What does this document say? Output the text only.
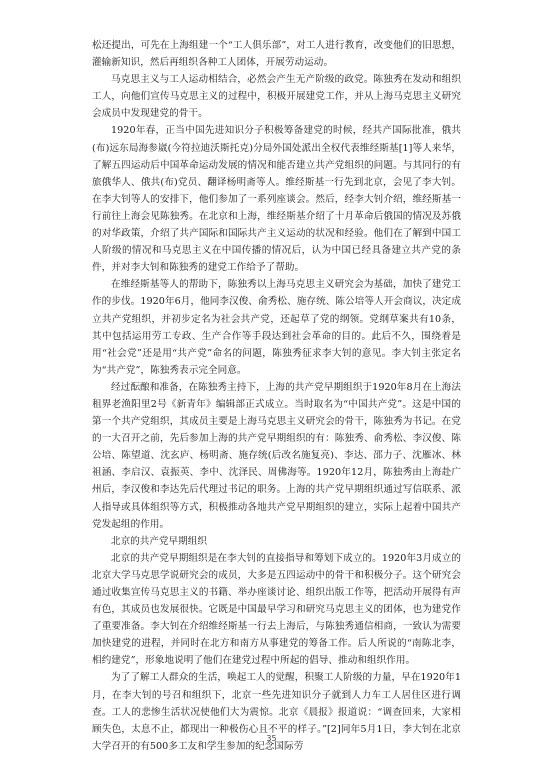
松还提出，可先在上海组建一个“工人俱乐部”，对工人进行教育，改变他们的旧思想，灌输新知识，然后再组织各种工人团体，开展劳动运动。

马克思主义与工人运动相结合，必然会产生无产阶级的政党。陈独秀在发动和组织工人，向他们宣传马克思主义的过程中，积极开展建党工作，并从上海马克思主义研究会成员中发现建党的骨干。

1920年春，正当中国先进知识分子积极筹备建党的时候，经共产国际批准，俄共(布)远东局海参崴(今符拉迪沃斯托克)分局外国处派出全权代表维经斯基[1]等人来华，了解五四运动后中国革命运动发展的情况和能否建立共产党组织的问题。与其同行的有旅俄华人、俄共(布)党员、翻译杨明斋等人。维经斯基一行先到北京，会见了李大钊。在李大钊等人的安排下，他们参加了一系列座谈会。然后，经李大钊介绍，维经斯基一行前往上海会见陈独秀。在北京和上海，维经斯基介绍了十月革命后俄国的情况及苏俄的对华政策，介绍了共产国际和国际共产主义运动的状况和经验。他们在了解到中国工人阶级的情况和马克思主义在中国传播的情况后，认为中国已经具备建立共产党的条件，并对李大钊和陈独秀的建党工作给予了帮助。

在维经斯基等人的帮助下，陈独秀以上海马克思主义研究会为基础，加快了建党工作的步伐。1920年6月，他同李汉俊、俞秀松、施存统、陈公培等人开会商议，决定成立共产党组织，并初步定名为社会共产党，还起草了党的纲领。党纲草案共有10条，其中包括运用劳工专政、生产合作等手段达到社会革命的目的。此后不久，围绕着是用“社会党”还是用“共产党”命名的问题，陈独秀征求李大钊的意见。李大钊主张定名为“共产党”，陈独秀表示完全同意。

经过酝酿和准备，在陈独秀主持下，上海的共产党早期组织于1920年8月在上海法租界老渔阳里2号《新青年》编辑部正式成立。当时取名为“中国共产党”。这是中国的第一个共产党组织，其成员主要是上海马克思主义研究会的骨干，陈独秀为书记。在党的一大召开之前，先后参加上海的共产党早期组织的有：陈独秀、俞秀松、李汉俊、陈公培、陈望道、沈玄庐、杨明斋、施存统(后改名施复亮)、李达、邵力子、沈雁冰、林祖涵、李启汉、袁振英、李中、沈泽民、周佛海等。1920年12月，陈独秀由上海赴广州后，李汉俊和李达先后代理过书记的职务。上海的共产党早期组织通过写信联系、派人指导或具体组织等方式，积极推动各地共产党早期组织的建立，实际上起着中国共产党发起组的作用。

北京的共产党早期组织

北京的共产党早期组织是在李大钊的直接指导和筹划下成立的。1920年3月成立的北京大学马克思学说研究会的成员，大多是五四运动中的骨干和积极分子。这个研究会通过收集宣传马克思主义的书籍、举办座谈讨论、组织出版工作等，把活动开展得有声有色，其成员也发展很快。它既是中国最早学习和研究马克思主义的团体，也为建党作了重要准备。李大钊在介绍维经斯基一行去上海后，与陈独秀通信相商，一致认为需要加快建党的进程，并同时在北方和南方从事建党的筹备工作。后人所说的“南陈北李，相约建党”，形象地说明了他们在建党过程中所起的倡导、推动和组织作用。

为了了解工人群众的生活，唤起工人的觉醒，积聚工人阶级的力量，早在1920年1月，在李大钊的号召和组织下，北京一些先进知识分子就到人力车工人居住区进行调查。工人的悲惨生活状况使他们大为震惊。北京《晨报》报道说：“调查回来，大家相顾失色，太息不止，都现出一种极伤心且不平的样子。”[2]同年5月1日，李大钊在北京大学召开的有500多工友和学生参加的纪念国际劳

35
